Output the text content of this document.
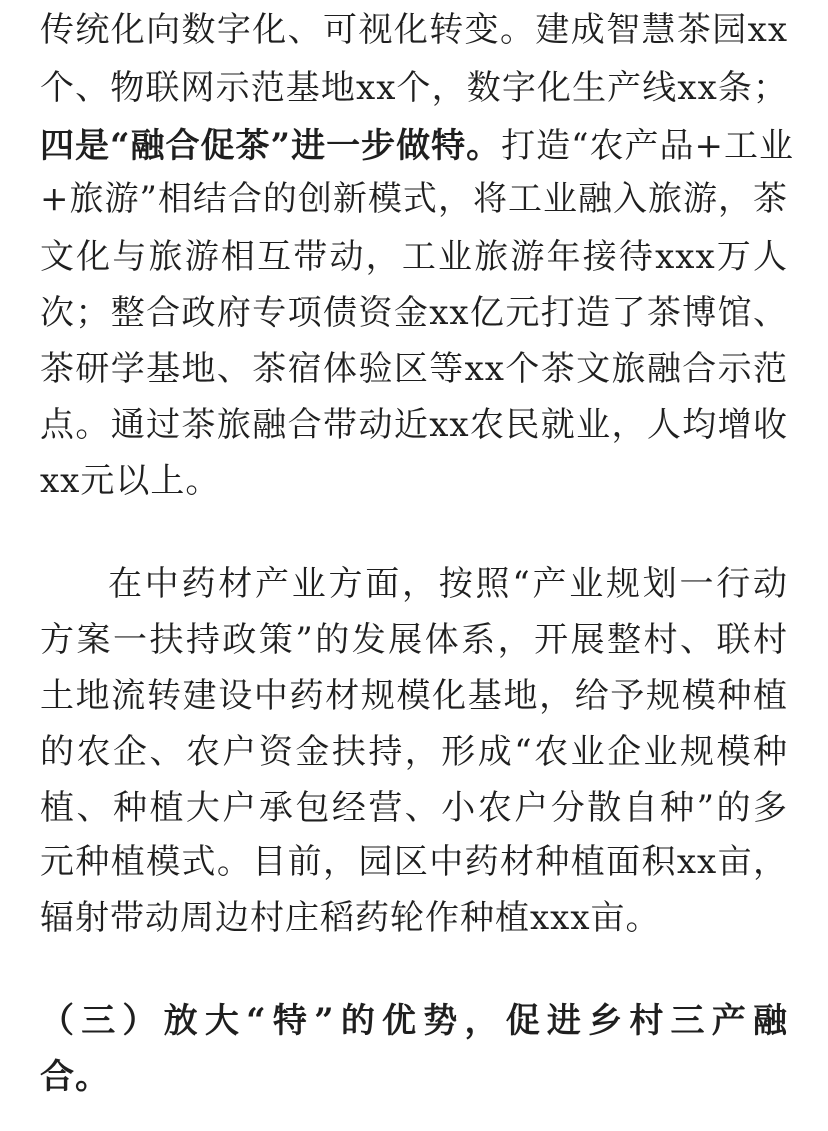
传统化向数字化、可视化转变。建成智慧茶园xx
个、物联网示范基地xx个，数字化生产线xx条；
四是“融合促茶”进一步做特。打造“农产品+工业
+旅游”相结合的创新模式，将工业融入旅游，茶
文化与旅游相互带动，工业旅游年接待xxx万人
次；整合政府专项债资金xx亿元打造了茶博馆、
茶研学基地、茶宿体验区等xx个茶文旅融合示范
点。通过茶旅融合带动近xx农民就业，人均增收
xx元以上。
在中药材产业方面，按照“产业规划一行动
方案一扶持政策”的发展体系，开展整村、联村
土地流转建设中药材规模化基地，给予规模种植
的农企、农户资金扶持，形成“农业企业规模种
植、种植大户承包经营、小农户分散自种”的多
元种植模式。目前，园区中药材种植面积xx亩，
辐射带动周边村庄稻药轮作种植xxx亩。
（三）放大“特”的优势，促进乡村三产融
合。
